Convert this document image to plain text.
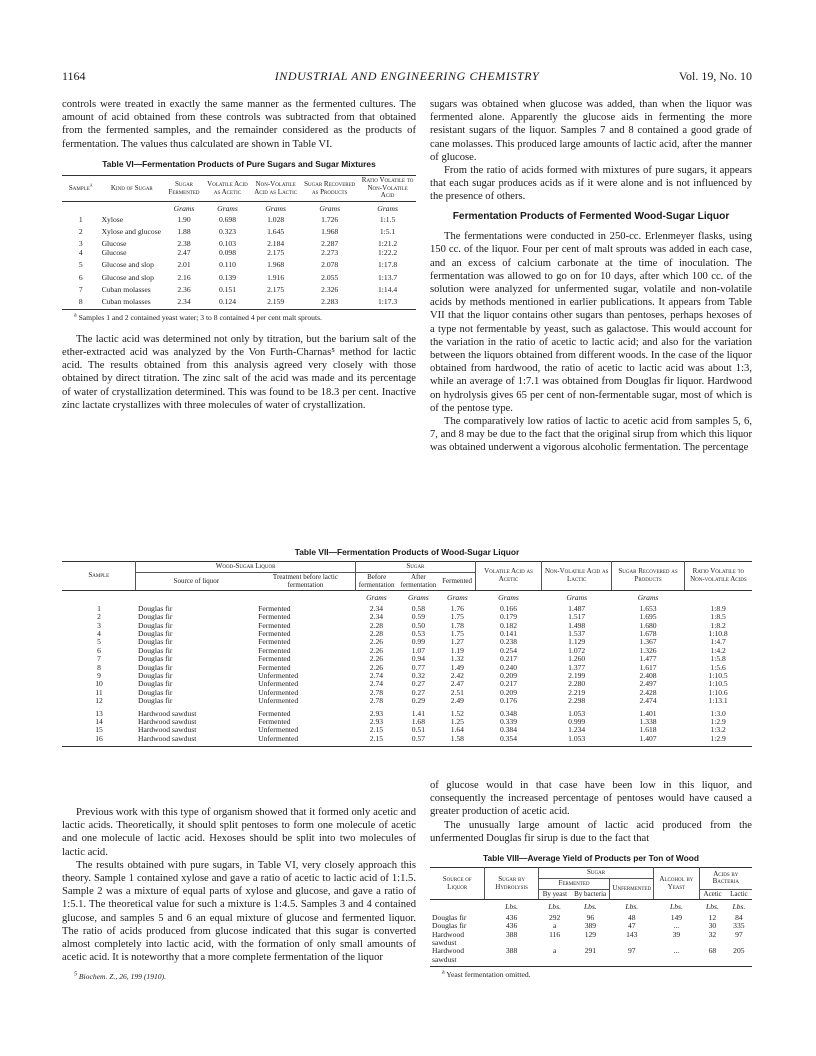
1164	INDUSTRIAL AND ENGINEERING CHEMISTRY	Vol. 19, No. 10

controls were treated in exactly the same manner as the fermented cultures. The amount of acid obtained from these controls was subtracted from that obtained from the fermented samples, and the remainder considered as the products of fermentation. The values thus calculated are shown in Table VI.

Table VI—Fermentation Products of Pure Sugars and Sugar Mixtures
Sample$^a$	Kind of Sugar	Sugar Fermented	Volatile Acid as Acetic	Non-Volatile Acid as Lactic	Sugar Recovered as Products	Ratio Volatile to Non-Volatile Acid
		Grams	Grams	Grams	Grams	Grams
1	Xylose	1.90	0.698	1.028	1.726	1:1.5
2	Xylose and glucose	1.88	0.323	1.645	1.968	1:5.1
3	Glucose	2.38	0.103	2.184	2.287	1:21.2
4	Glucose	2.47	0.098	2.175	2.273	1:22.2
5	Glucose and slop	2.01	0.110	1.968	2.078	1:17.8
6	Glucose and slop	2.16	0.139	1.916	2.055	1:13.7
7	Cuban molasses	2.36	0.151	2.175	2.326	1:14.4
8	Cuban molasses	2.34	0.124	2.159	2.283	1:17.3
$^a$ Samples 1 and 2 contained yeast water; 3 to 8 contained 4 per cent malt sprouts.

The lactic acid was determined not only by titration, but the barium salt of the ether-extracted acid was analyzed by the Von Furth-Charnas⁵ method for lactic acid. The results obtained from this analysis agreed very closely with those obtained by direct titration. The zinc salt of the acid was made and its percentage of water of crystallization determined. This was found to be 18.3 per cent. Inactive zinc lactate crystallizes with three molecules of water of crystallization.

sugars was obtained when glucose was added, than when the liquor was fermented alone. Apparently the glucose aids in fermenting the more resistant sugars of the liquor. Samples 7 and 8 contained a good grade of cane molasses. This produced large amounts of lactic acid, after the manner of glucose.

From the ratio of acids formed with mixtures of pure sugars, it appears that each sugar produces acids as if it were alone and is not influenced by the presence of others.

Fermentation Products of Fermented Wood-Sugar Liquor

The fermentations were conducted in 250-cc. Erlenmeyer flasks, using 150 cc. of the liquor. Four per cent of malt sprouts was added in each case, and an excess of calcium carbonate at the time of inoculation. The fermentation was allowed to go on for 10 days, after which 100 cc. of the solution were analyzed for unfermented sugar, volatile and non-volatile acids by methods mentioned in earlier publications. It appears from Table VII that the liquor contains other sugars than pentoses, perhaps hexoses of a type not fermentable by yeast, such as galactose. This would account for the variation in the ratio of acetic to lactic acid; and also for the variation between the liquors obtained from different woods. In the case of the liquor obtained from hardwood, the ratio of acetic to lactic acid was about 1:3, while an average of 1:7.1 was obtained from Douglas fir liquor. Hardwood on hydrolysis gives 65 per cent of non-fermentable sugar, most of which is of the pentose type.

The comparatively low ratios of lactic to acetic acid from samples 5, 6, 7, and 8 may be due to the fact that the original sirup from which this liquor was obtained underwent a vigorous alcoholic fermentation. The percentage

Table VII—Fermentation Products of Wood-Sugar Liquor
Sample	Wood-Sugar Liquor		Sugar			Volatile Acid as Acetic	Non-Volatile Acid as Lactic	Sugar Recovered as Products	Ratio Volatile to Non-volatile Acids
	Source of liquor	Treatment before lactic fermentation	Before fermentation	After fermentation	Fermented				
			Grams	Grams	Grams	Grams	Grams	Grams	
1	Douglas fir	Fermented	2.34	0.58	1.76	0.166	1.487	1.653	1:8.9
2	Douglas fir	Fermented	2.34	0.59	1.75	0.179	1.517	1.695	1:8.5
3	Douglas fir	Fermented	2.28	0.50	1.78	0.182	1.498	1.680	1:8.2
4	Douglas fir	Fermented	2.28	0.53	1.75	0.141	1.537	1.678	1:10.8
5	Douglas fir	Fermented	2.26	0.99	1.27	0.238	1.129	1.367	1:4.7
6	Douglas fir	Fermented	2.26	1.07	1.19	0.254	1.072	1.326	1:4.2
7	Douglas fir	Fermented	2.26	0.94	1.32	0.217	1.260	1.477	1:5.8
8	Douglas fir	Fermented	2.26	0.77	1.49	0.240	1.377	1.617	1:5.6
9	Douglas fir	Unfermented	2.74	0.32	2.42	0.209	2.199	2.408	1:10.5
10	Douglas fir	Unfermented	2.74	0.27	2.47	0.217	2.280	2.497	1:10.5
11	Douglas fir	Unfermented	2.78	0.27	2.51	0.209	2.219	2.428	1:10.6
12	Douglas fir	Unfermented	2.78	0.29	2.49	0.176	2.298	2.474	1:13.1
13	Hardwood sawdust	Fermented	2.93	1.41	1.52	0.348	1.053	1.401	1:3.0
14	Hardwood sawdust	Fermented	2.93	1.68	1.25	0.339	0.999	1.338	1:2.9
15	Hardwood sawdust	Unfermented	2.15	0.51	1.64	0.384	1.234	1.618	1:3.2
16	Hardwood sawdust	Unfermented	2.15	0.57	1.58	0.354	1.053	1.407	1:2.9

Previous work with this type of organism showed that it formed only acetic and lactic acids. Theoretically, it should split pentoses to form one molecule of acetic and one molecule of lactic acid. Hexoses should be split into two molecules of lactic acid.

The results obtained with pure sugars, in Table VI, very closely approach this theory. Sample 1 contained xylose and gave a ratio of acetic to lactic acid of 1:1.5. Sample 2 was a mixture of equal parts of xylose and glucose, and gave a ratio of 1:5.1. The theoretical value for such a mixture is 1:4.5. Samples 3 and 4 contained glucose, and samples 5 and 6 an equal mixture of glucose and fermented liquor. The ratio of acids produced from glucose indicated that this sugar is converted almost completely into lactic acid, with the formation of only small amounts of acetic acid. It is noteworthy that a more complete fermentation of the liquor

$^5$ Biochem. Z., 26, 199 (1910).

of glucose would in that case have been low in this liquor, and consequently the increased percentage of pentoses would have caused a greater production of acetic acid.

The unusually large amount of lactic acid produced from the unfermented Douglas fir sirup is due to the fact that

Table VIII—Average Yield of Products per Ton of Wood
Source of Liquor	Sugar by Hydrolysis	Sugar			Alcohol by Yeast	Acids by Bacteria	
		Fermented		Unfermented			
		By yeast	By bacteria			Acetic	Lactic
	Lbs.	Lbs.	Lbs.	Lbs.	Lbs.	Lbs.	Lbs.
Douglas fir	436	292	96	48	149	12	84
Douglas fir	436	a	389	47	...	30	335
Hardwood sawdust	388	116	129	143	39	32	97
Hardwood sawdust	388	a	291	97	...	68	205
$^a$ Yeast fermentation omitted.
